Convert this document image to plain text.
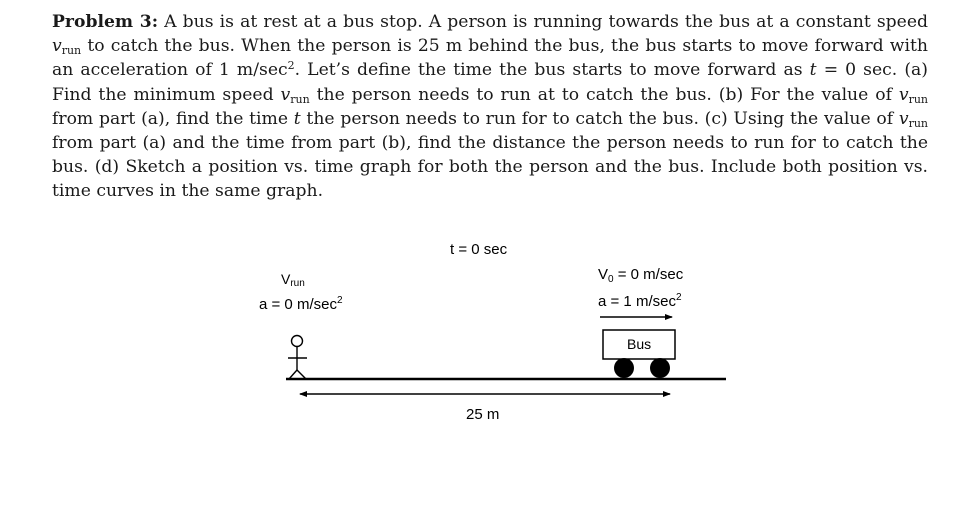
Problem 3: A bus is at rest at a bus stop. A person is running towards the bus at a constant speed $v_{run}$ to catch the bus. When the person is 25 m behind the bus, the bus starts to move forward with an acceleration of 1 $m/\sec^2$. Let’s define the time the bus starts to move forward as t = 0 sec. (a) Find the minimum speed $v_{run}$ the person needs to run at to catch the bus. (b) For the value of $v_{run}$ from part (a), find the time t the person needs to run for to catch the bus. (c) Using the value of $v_{run}$ from part (a) and the time from part (b), find the distance the person needs to run for to catch the bus. (d) Sketch a position vs. time graph for both the person and the bus. Include both position vs. time curves in the same graph.
t = 0 sec
Vrun
a = 0 $m/\sec^2$
$V_0 = 0$ m/sec
a = 1 $m/\sec^2$
Bus
25 m
